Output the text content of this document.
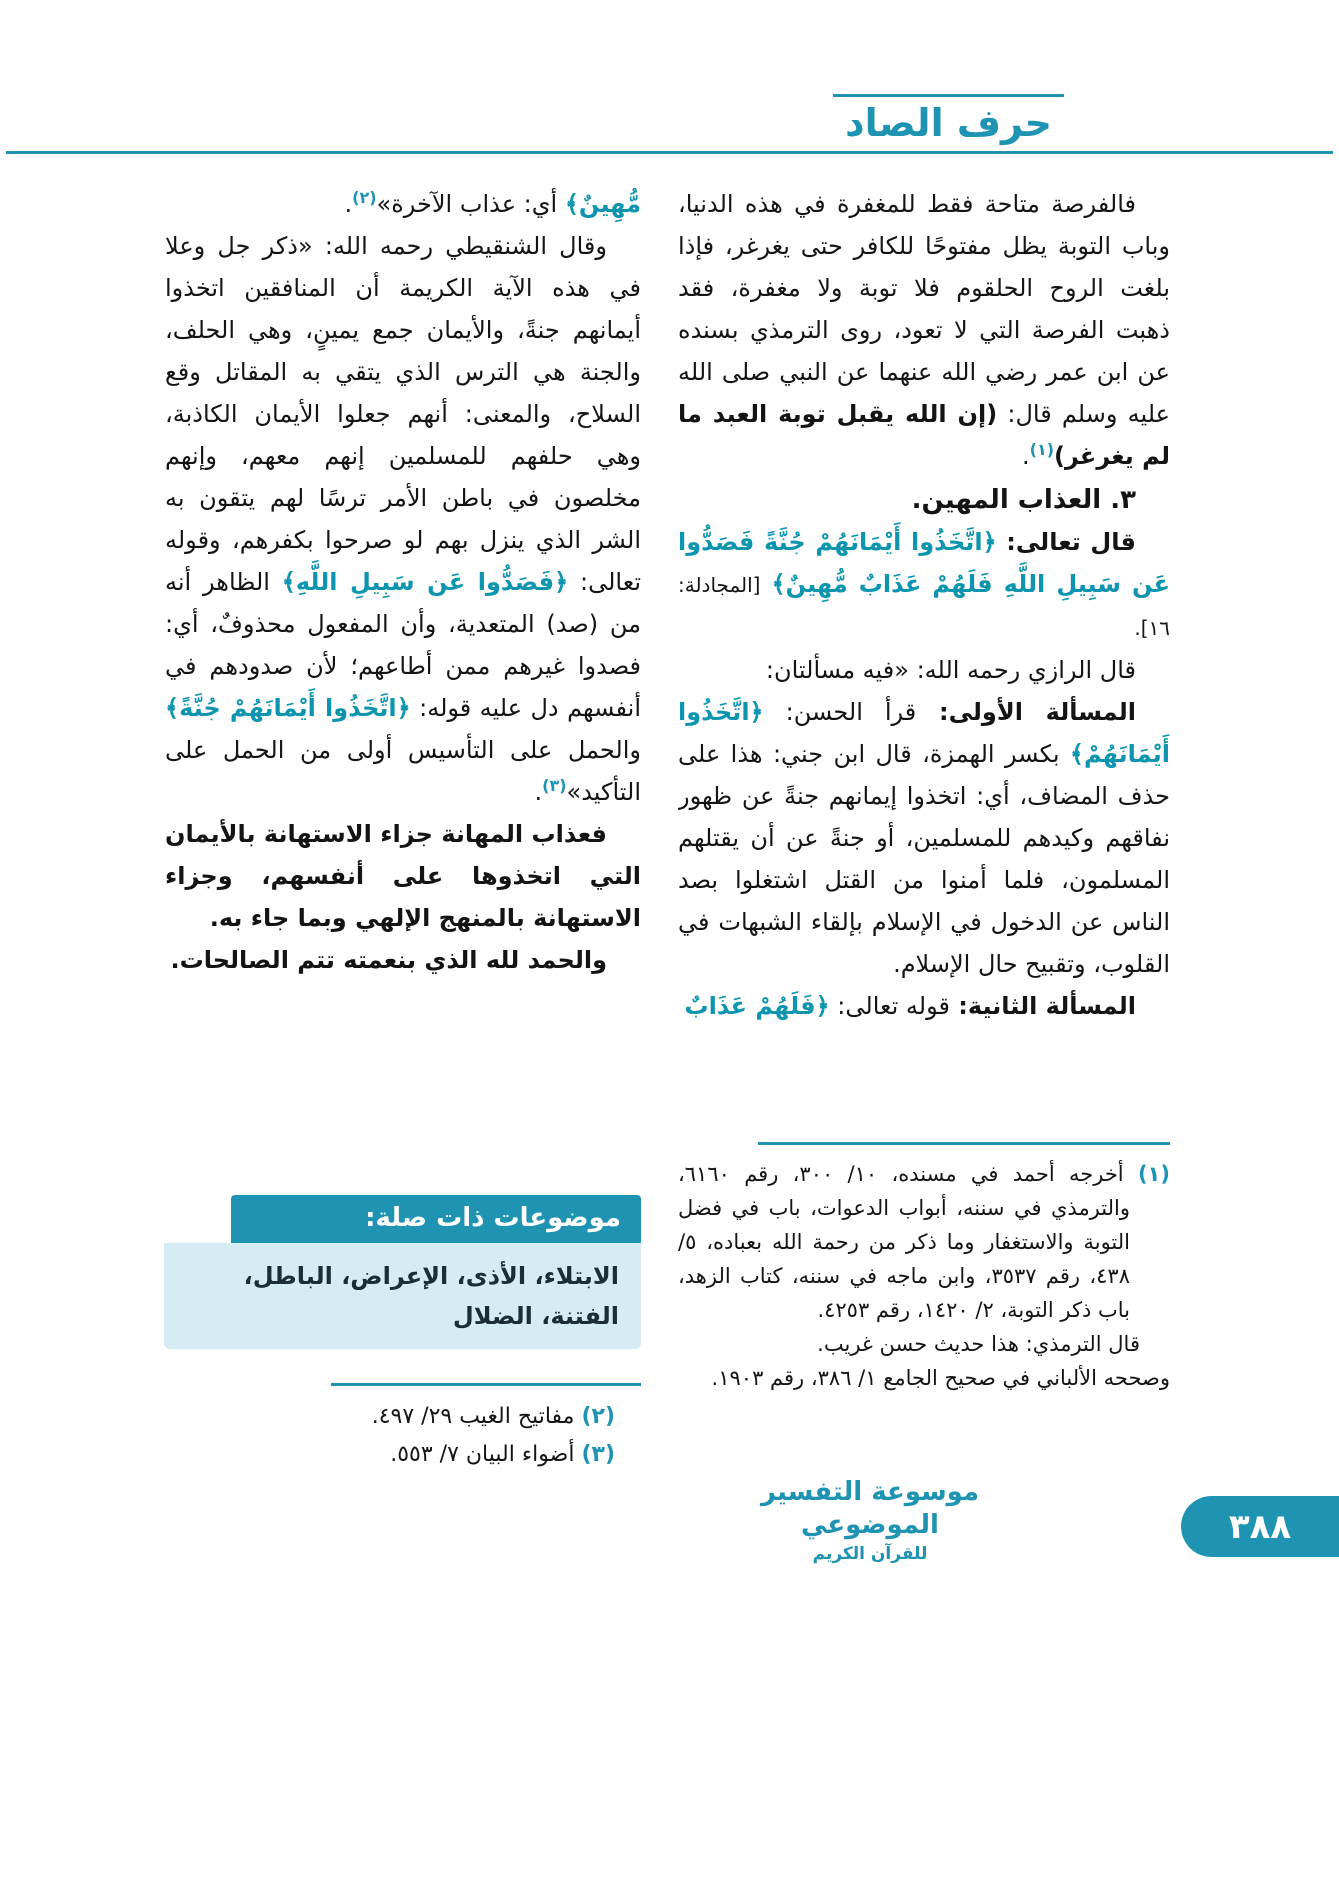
حرف الصاد

فالفرصة متاحة فقط للمغفرة في هذه الدنيا، وباب التوبة يظل مفتوحًا للكافر حتى يغرغر، فإذا بلغت الروح الحلقوم فلا توبة ولا مغفرة، فقد ذهبت الفرصة التي لا تعود، روى الترمذي بسنده عن ابن عمر رضي الله عنهما عن النبي صلى الله عليه وسلم قال: (إن الله يقبل توبة العبد ما لم يغرغر)$^{(١)}$.

٣. العذاب المهين.

قال تعالى: ﴿اتَّخَذُوا أَيْمَانَهُمْ جُنَّةً فَصَدُّوا عَن سَبِيلِ اللَّهِ فَلَهُمْ عَذَابٌ مُّهِينٌ﴾ [المجادلة: ١٦].

قال الرازي رحمه الله: «فيه مسألتان:

المسألة الأولى: قرأ الحسن: ﴿اتَّخَذُوا أَيْمَانَهُمْ﴾ بكسر الهمزة، قال ابن جني: هذا على حذف المضاف، أي: اتخذوا إيمانهم جنةً عن ظهور نفاقهم وكيدهم للمسلمين، أو جنةً عن أن يقتلهم المسلمون، فلما أمنوا من القتل اشتغلوا بصد الناس عن الدخول في الإسلام بإلقاء الشبهات في القلوب، وتقبيح حال الإسلام.

المسألة الثانية: قوله تعالى: ﴿فَلَهُمْ عَذَابٌ

(١) أخرجه أحمد في مسنده، ١٠/ ٣٠٠، رقم ٦١٦٠، والترمذي في سننه، أبواب الدعوات، باب في فضل التوبة والاستغفار وما ذكر من رحمة الله بعباده، ٥/ ٤٣٨، رقم ٣٥٣٧، وابن ماجه في سننه، كتاب الزهد، باب ذكر التوبة، ٢/ ١٤٢٠، رقم ٤٢٥٣.

قال الترمذي: هذا حديث حسن غريب.

وصححه الألباني في صحيح الجامع ١/ ٣٨٦، رقم ١٩٠٣.

مُّهِينٌ﴾ أي: عذاب الآخرة»$^{(٢)}$.

وقال الشنقيطي رحمه الله: «ذكر جل وعلا في هذه الآية الكريمة أن المنافقين اتخذوا أيمانهم جنةً، والأيمان جمع يمينٍ، وهي الحلف، والجنة هي الترس الذي يتقي به المقاتل وقع السلاح، والمعنى: أنهم جعلوا الأيمان الكاذبة، وهي حلفهم للمسلمين إنهم معهم، وإنهم مخلصون في باطن الأمر ترسًا لهم يتقون به الشر الذي ينزل بهم لو صرحوا بكفرهم، وقوله تعالى: ﴿فَصَدُّوا عَن سَبِيلِ اللَّهِ﴾ الظاهر أنه من (صد) المتعدية، وأن المفعول محذوفٌ، أي: فصدوا غيرهم ممن أطاعهم؛ لأن صدودهم في أنفسهم دل عليه قوله: ﴿اتَّخَذُوا أَيْمَانَهُمْ جُنَّةً﴾ والحمل على التأسيس أولى من الحمل على التأكيد»$^{(٣)}$.

فعذاب المهانة جزاء الاستهانة بالأيمان التي اتخذوها على أنفسهم، وجزاء الاستهانة بالمنهج الإلهي وبما جاء به.

والحمد لله الذي بنعمته تتم الصالحات.

موضوعات ذات صلة:
الابتلاء، الأذى، الإعراض، الباطل، الفتنة، الضلال

(٢) مفاتيح الغيب ٢٩/ ٤٩٧.

(٣) أضواء البيان ٧/ ٥٥٣.

موسوعة التفسير الموضوعي
للقرآن الكريم
٣٨٨
